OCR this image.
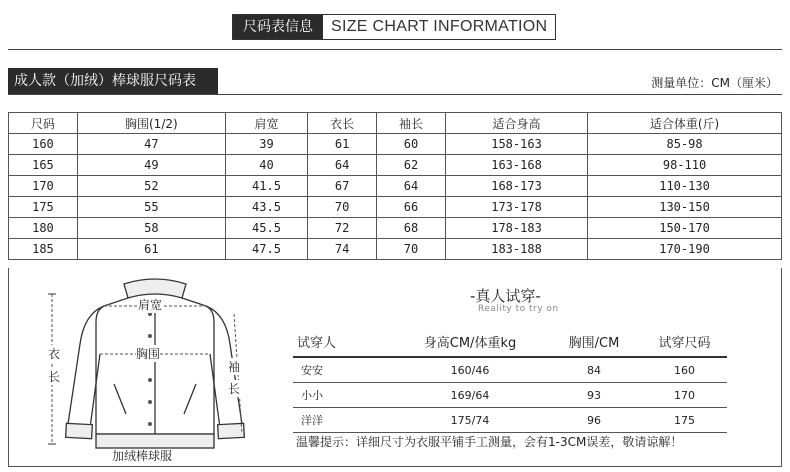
尺码表信息	SIZE CHART INFORMATION
成人款（加绒）棒球服尺码表	测量单位：CM（厘米）
尺码	胸围(1/2)	肩宽	衣长	袖长	适合身高	适合体重(斤)
160	47	39	61	60	158-163	85-98
165	49	40	64	62	163-168	98-110
170	52	41.5	67	64	168-173	110-130
175	55	43.5	70	66	173-178	130-150
180	58	45.5	72	68	178-183	150-170
185	61	47.5	74	70	183-188	170-190
肩宽
胸围
衣
长
袖
长
加绒棒球服
-真人试穿-
Reality to try on
试穿人	身高CM/体重kg	胸围/CM	试穿尺码
安安	160/46	84	160
小小	169/64	93	170
洋洋	175/74	96	175
温馨提示：详细尺寸为衣服平铺手工测量，会有1-3CM误差，敬请谅解！
